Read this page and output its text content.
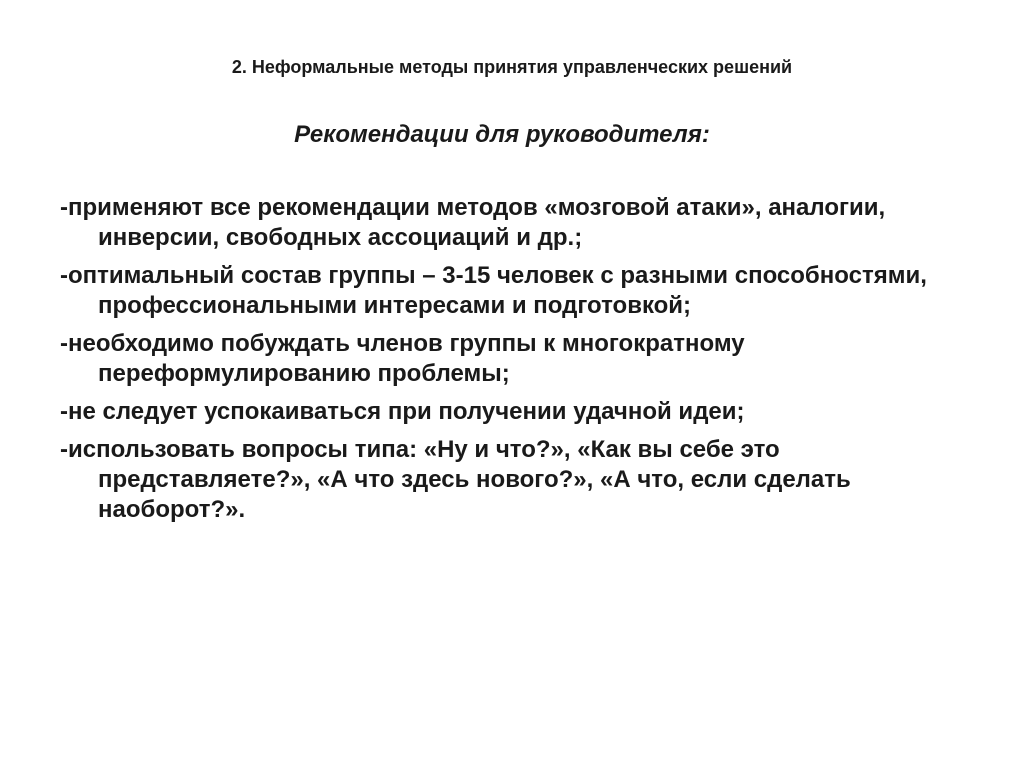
2. Неформальные методы принятия управленческих решений
Рекомендации для руководителя:
-применяют все рекомендации методов «мозговой атаки», аналогии, инверсии, свободных ассоциаций и др.;
-оптимальный состав группы – 3-15 человек с разными способностями, профессиональными интересами и подготовкой;
-необходимо побуждать членов группы к многократному переформулированию проблемы;
-не следует успокаиваться при получении удачной идеи;
-использовать вопросы типа: «Ну и что?», «Как вы себе это представляете?», «А что здесь нового?», «А что, если сделать наоборот?».
